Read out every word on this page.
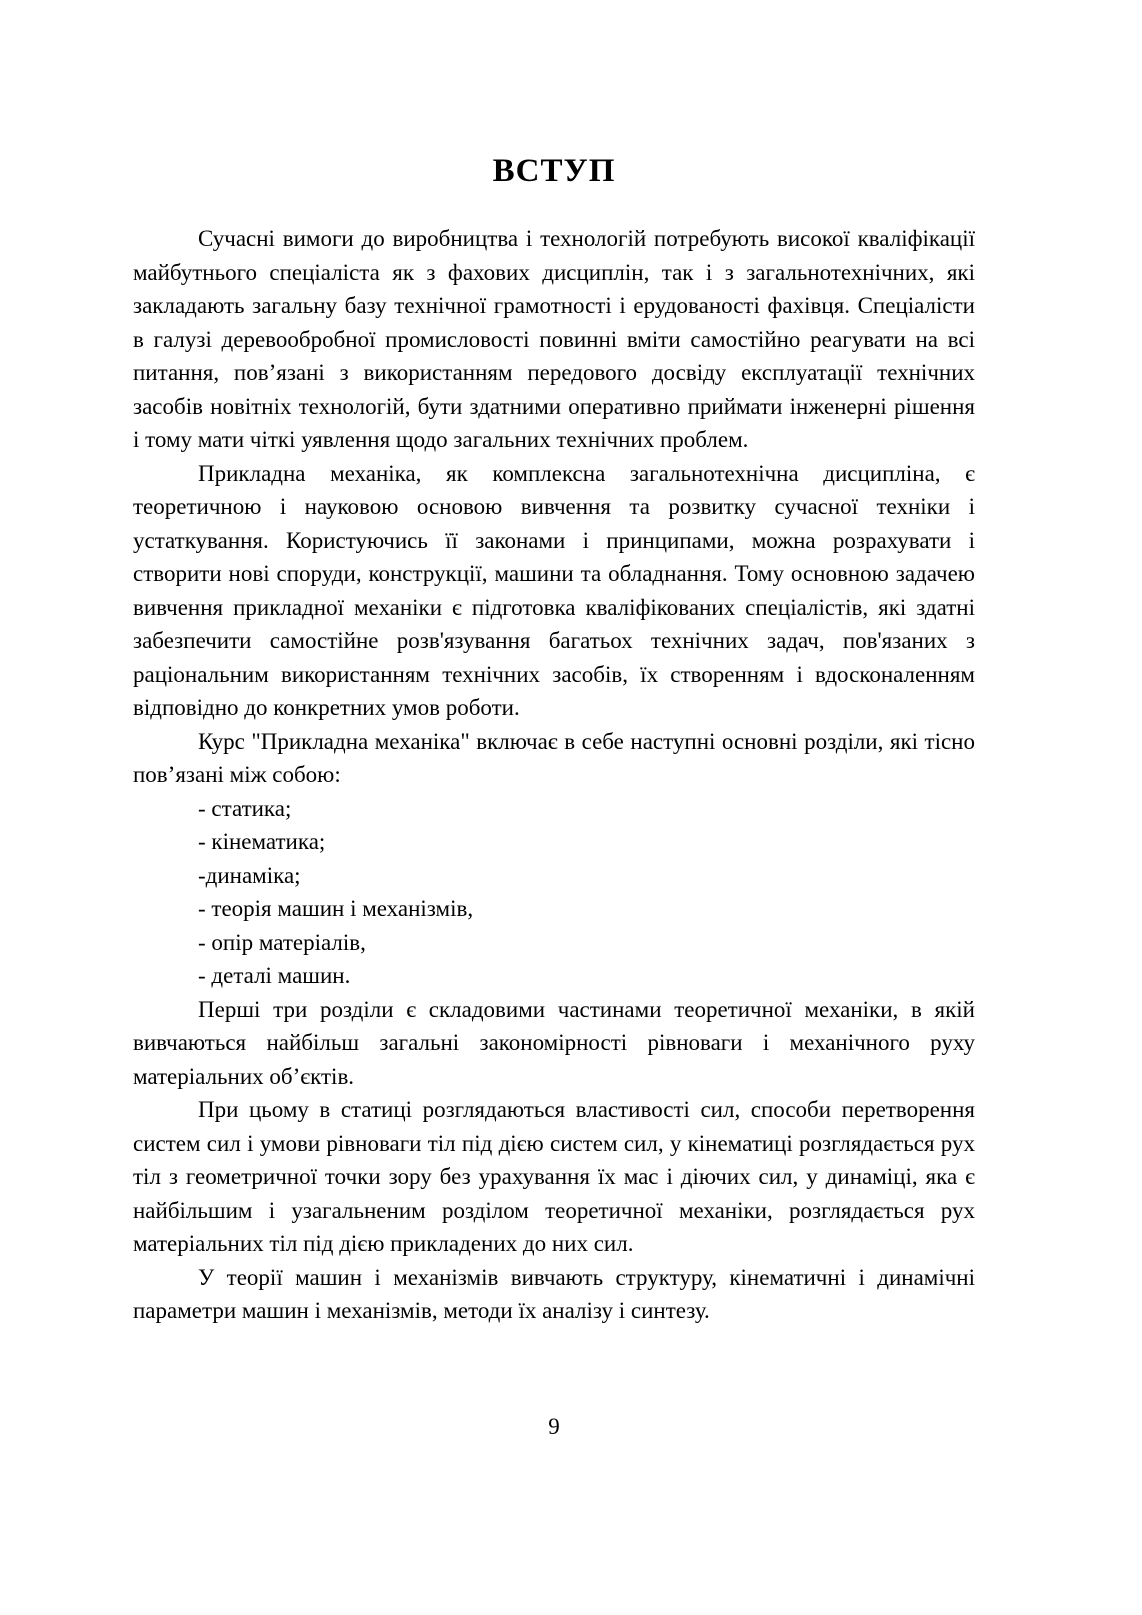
ВСТУП

Сучасні вимоги до виробництва і технологій потребують високої кваліфікації майбутнього спеціаліста як з фахових дисциплін, так і з загальнотехнічних, які закладають загальну базу технічної грамотності і ерудованості фахівця. Спеціалісти в галузі деревообробної промисловості повинні вміти самостійно реагувати на всі питання, пов’язані з використанням передового досвіду експлуатації технічних засобів новітніх технологій, бути здатними оперативно приймати інженерні рішення і тому мати чіткі уявлення щодо загальних технічних проблем.

Прикладна механіка, як комплексна загальнотехнічна дисципліна, є теоретичною і науковою основою вивчення та розвитку сучасної техніки і устаткування. Користуючись її законами і принципами, можна розрахувати і створити нові споруди, конструкції, машини та обладнання. Тому основною задачею вивчення прикладної механіки є підготовка кваліфікованих спеціалістів, які здатні забезпечити самостійне розв'язування багатьох технічних задач, пов'язаних з раціональним використанням технічних засобів, їх створенням і вдосконаленням відповідно до конкретних умов роботи.

Курс "Прикладна механіка" включає в себе наступні основні розділи, які тісно пов’язані між собою:

- статика;
- кінематика;
-динаміка;
- теорія машин і механізмів,
- опір матеріалів,
- деталі машин.

Перші три розділи є складовими частинами теоретичної механіки, в якій вивчаються найбільш загальні закономірності рівноваги і механічного руху матеріальних об’єктів.

При цьому в статиці розглядаються властивості сил, способи перетворення систем сил і умови рівноваги тіл під дією систем сил, у кінематиці розглядається рух тіл з геометричної точки зору без урахування їх мас і діючих сил, у динаміці, яка є найбільшим і узагальненим розділом теоретичної механіки, розглядається рух матеріальних тіл під дією прикладених до них сил.

У теорії машин і механізмів вивчають структуру, кінематичні і динамічні параметри машин і механізмів, методи їх аналізу і синтезу.

9
